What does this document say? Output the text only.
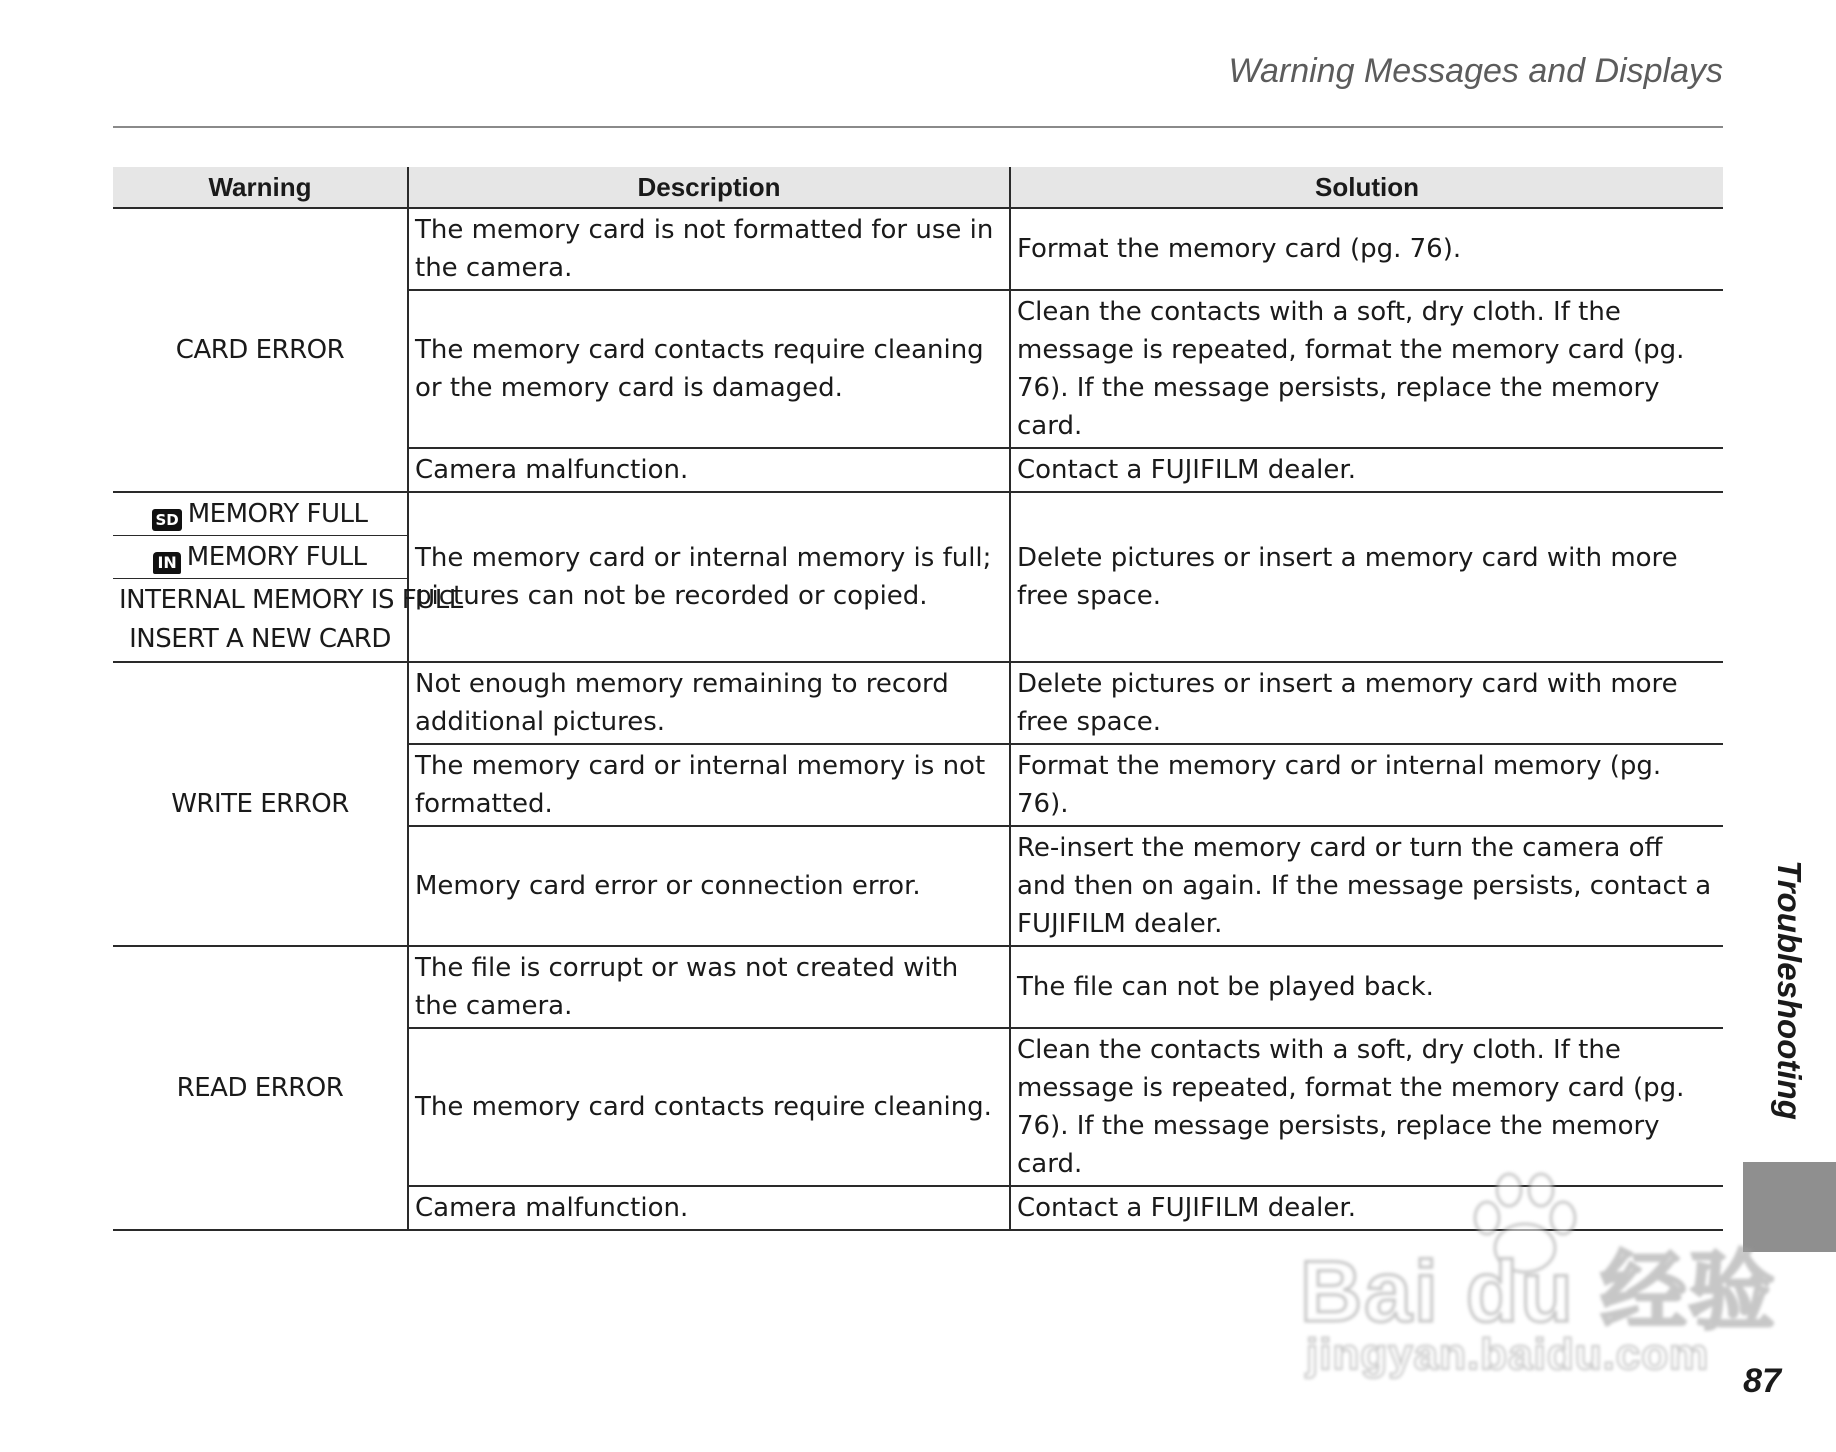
Warning Messages and Displays
Warning	Description	Solution
CARD ERROR	The memory card is not formatted for use in the camera.	Format the memory card (pg. 76).
	The memory card contacts require cleaning or the memory card is damaged.	Clean the contacts with a soft, dry cloth. If the message is repeated, format the memory card (pg. 76). If the message persists, replace the memory card.
	Camera malfunction.	Contact a FUJIFILM dealer.
SD MEMORY FULL	The memory card or internal memory is full; pictures can not be recorded or copied.	Delete pictures or insert a memory card with more free space.
IN MEMORY FULL		
INTERNAL MEMORY IS FULL
INSERT A NEW CARD		
WRITE ERROR	Not enough memory remaining to record additional pictures.	Delete pictures or insert a memory card with more free space.
	The memory card or internal memory is not formatted.	Format the memory card or internal memory (pg. 76).
	Memory card error or connection error.	Re-insert the memory card or turn the camera off and then on again. If the message persists, contact a FUJIFILM dealer.
READ ERROR	The file is corrupt or was not created with the camera.	The file can not be played back.
	The memory card contacts require cleaning.	Clean the contacts with a soft, dry cloth. If the message is repeated, format the memory card (pg. 76). If the message persists, replace the memory card.
	Camera malfunction.	Contact a FUJIFILM dealer.
Troubleshooting
Bai du 经验
jingyan.baidu.com
87
